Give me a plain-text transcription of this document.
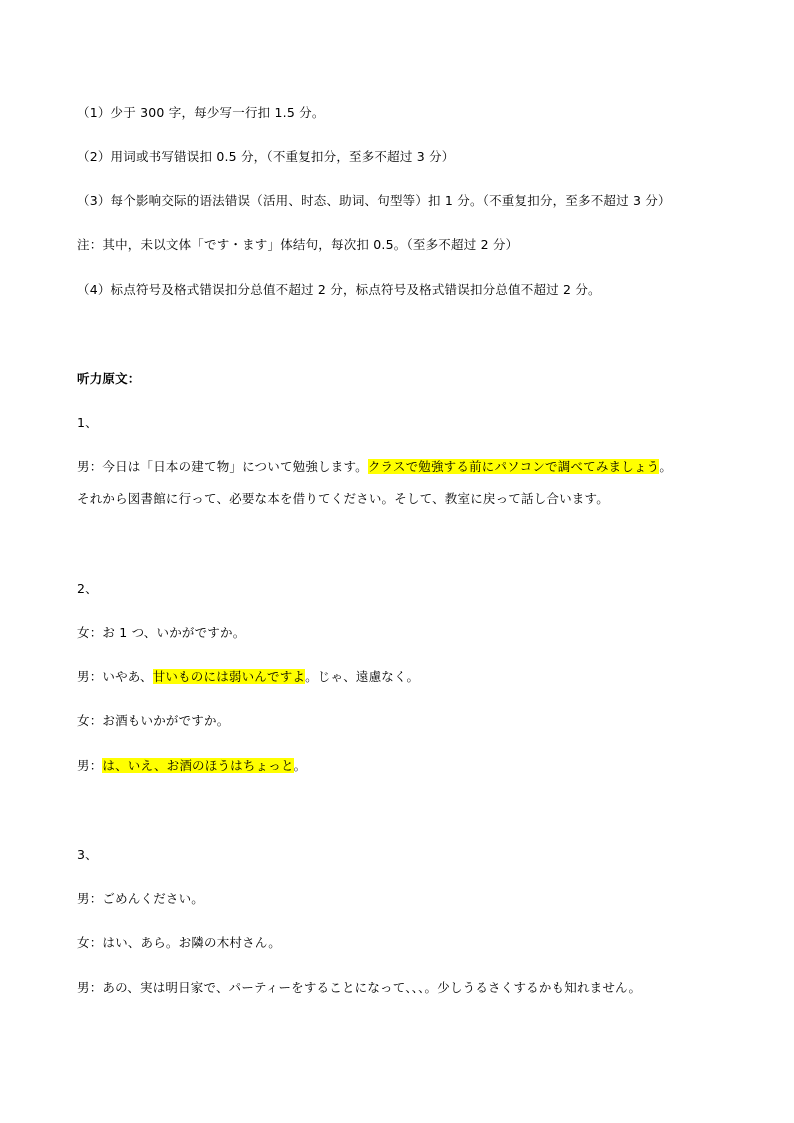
（1）少于 300 字，每少写一行扣 1.5 分。
（2）用词或书写错误扣 0.5 分，（不重复扣分，至多不超过 3 分）
（3）每个影响交际的语法错误（活用、时态、助词、句型等）扣 1 分。（不重复扣分，至多不超过 3 分）
注：其中，未以文体「です・ます」体结句，每次扣 0.5。（至多不超过 2 分）
（4）标点符号及格式错误扣分总值不超过 2 分，标点符号及格式错误扣分总值不超过 2 分。
听力原文：
1、
男：今日は「日本の建て物」について勉強します。クラスで勉強する前にパソコンで調べてみましょう。
それから図書館に行って、必要な本を借りてください。そして、教室に戻って話し合います。
2、
女：お 1 つ、いかがですか。
男：いやあ、甘いものには弱いんですよ。じゃ、遠慮なく。
女：お酒もいかがですか。
男：は、いえ、お酒のほうはちょっと。
3、
男：ごめんください。
女：はい、あら。お隣の木村さん。
男：あの、実は明日家で、パーティーをすることになって、、、。少しうるさくするかも知れません。
